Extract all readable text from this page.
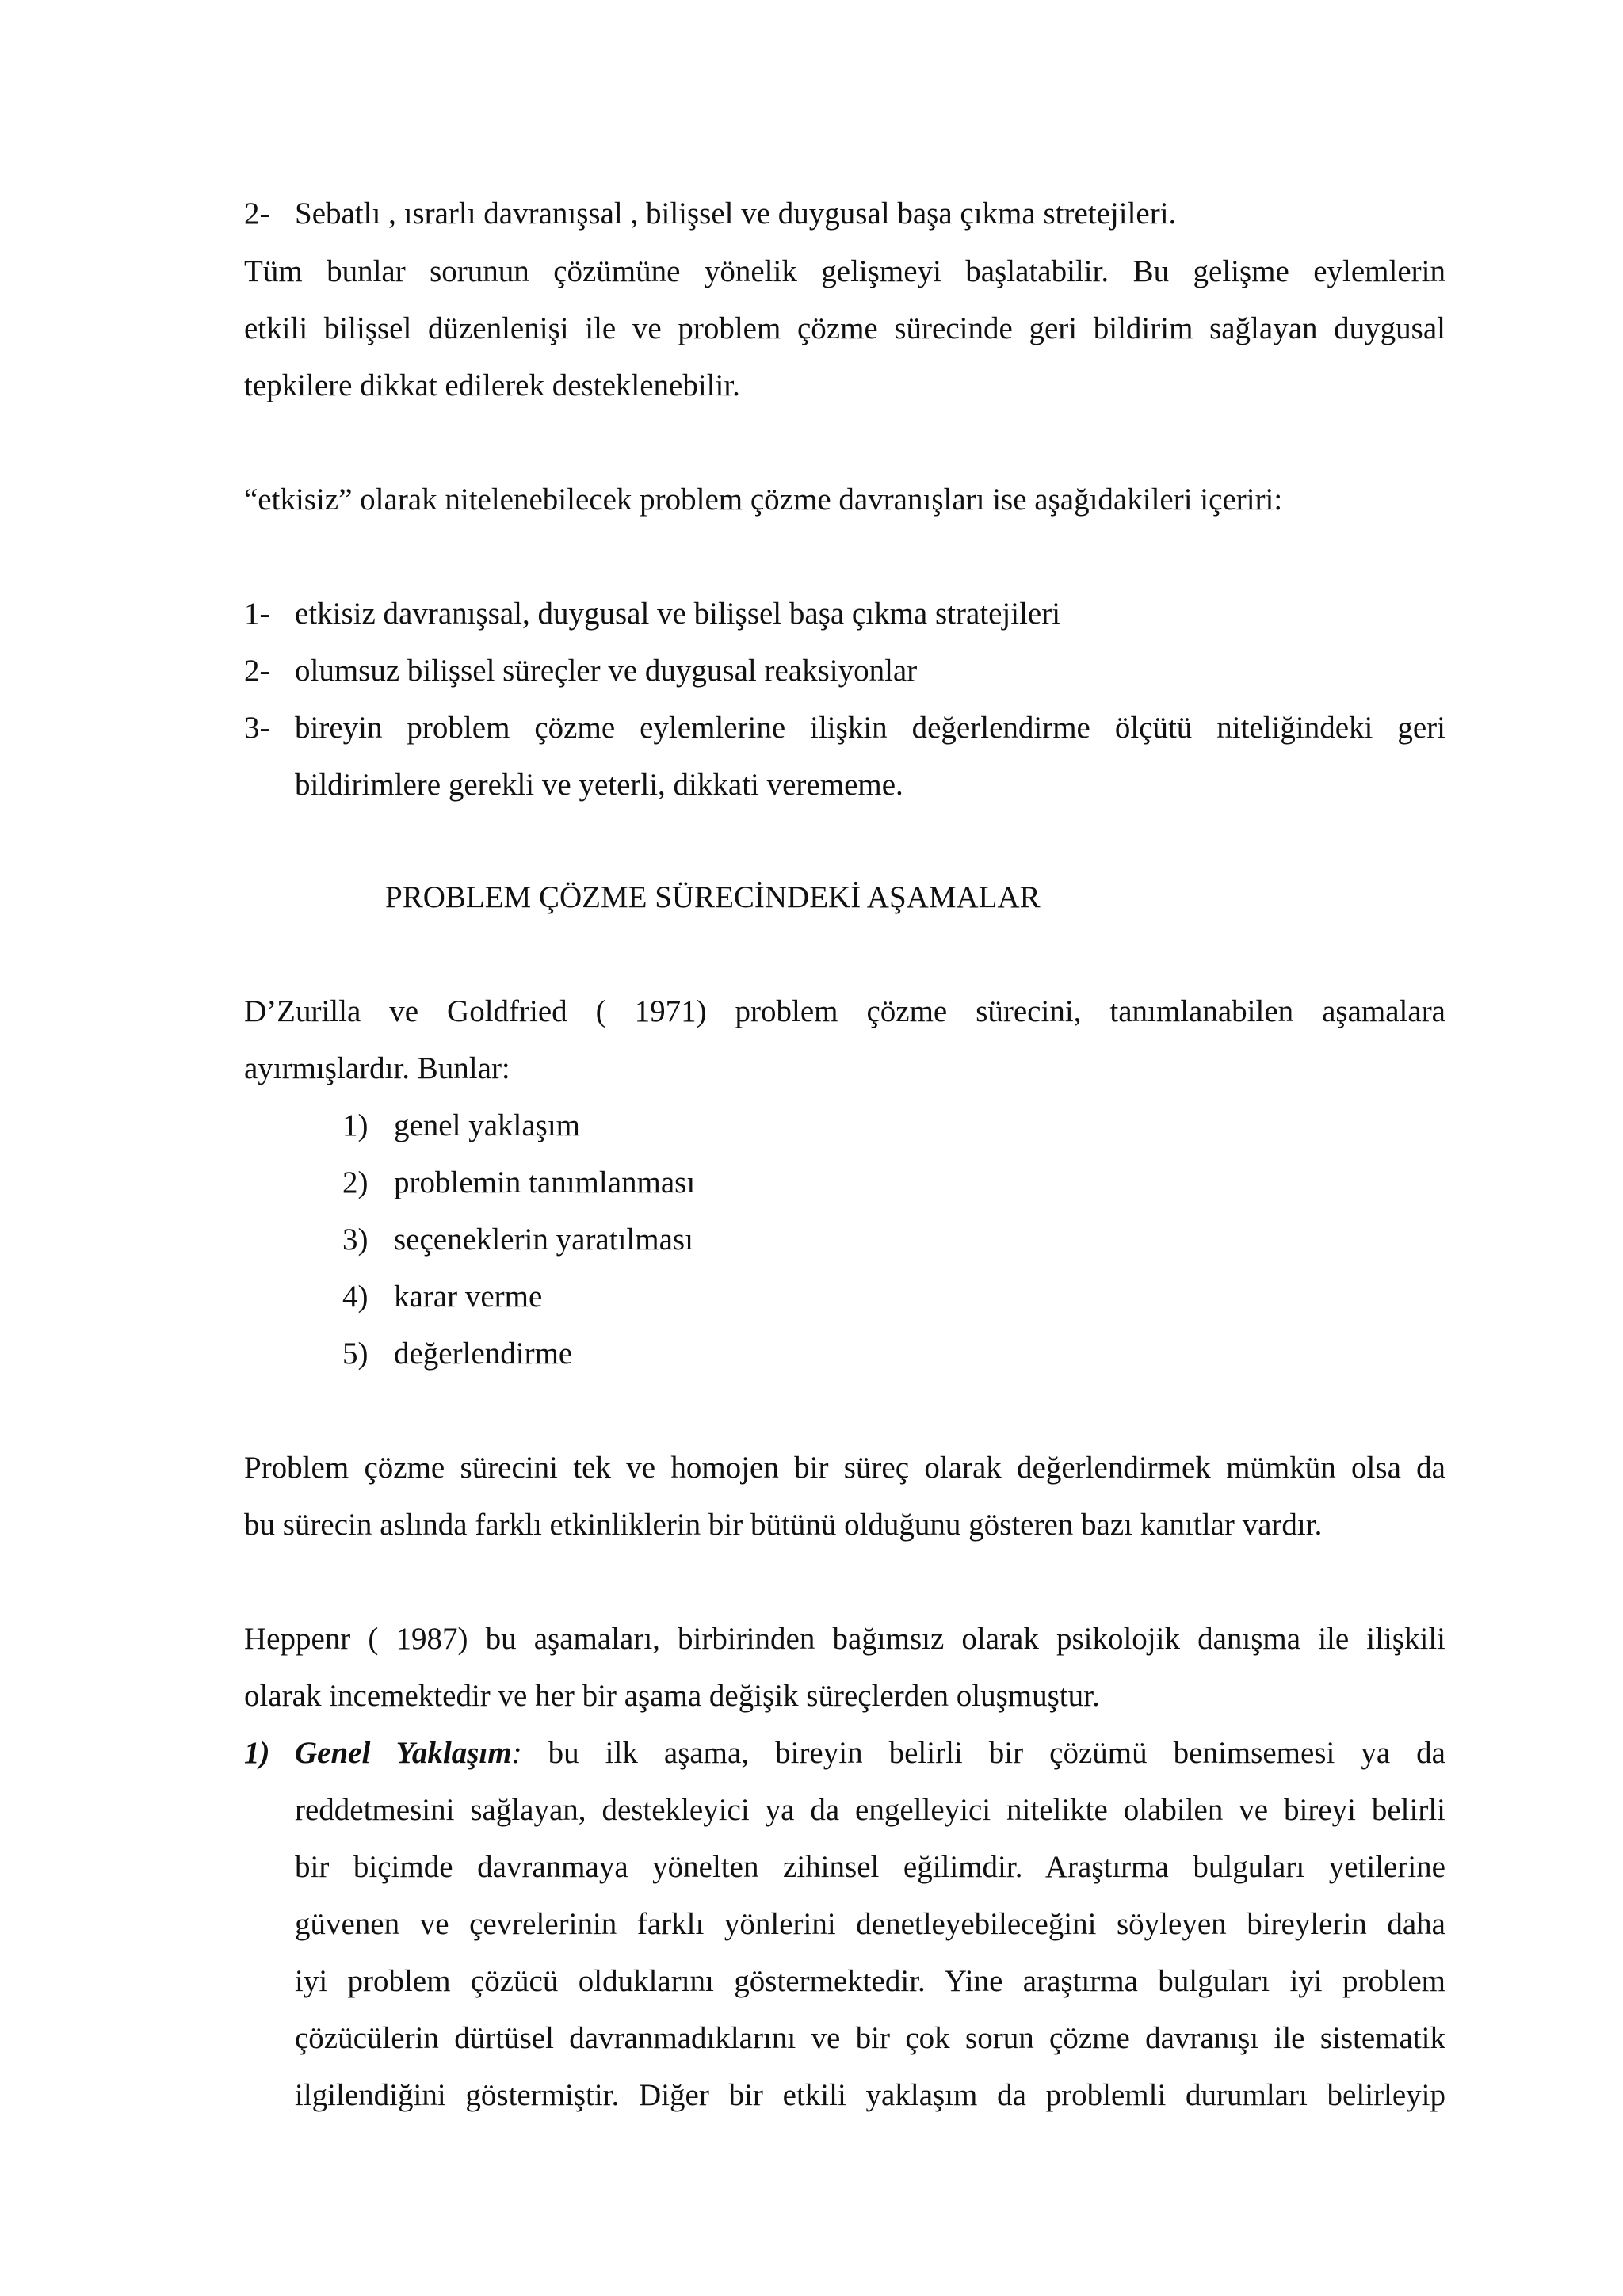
2- Sebatlı , ısrarlı davranışsal , bilişsel ve duygusal başa çıkma stretejileri.
Tüm bunlar sorunun çözümüne yönelik gelişmeyi başlatabilir. Bu gelişme eylemlerin
etkili bilişsel düzenlenişi ile ve problem çözme sürecinde geri bildirim sağlayan duygusal
tepkilere dikkat edilerek desteklenebilir.
“etkisiz” olarak nitelenebilecek problem çözme davranışları ise aşağıdakileri içeriri:
1- etkisiz davranışsal, duygusal ve bilişsel başa çıkma stratejileri
2- olumsuz bilişsel süreçler ve duygusal reaksiyonlar
3- bireyin problem çözme eylemlerine ilişkin değerlendirme ölçütü niteliğindeki geri
bildirimlere gerekli ve yeterli, dikkati verememe.
PROBLEM ÇÖZME SÜRECİNDEKİ AŞAMALAR
D’Zurilla ve Goldfried ( 1971) problem çözme sürecini, tanımlanabilen aşamalara
ayırmışlardır. Bunlar:
1) genel yaklaşım
2) problemin tanımlanması
3) seçeneklerin yaratılması
4) karar verme
5) değerlendirme
Problem çözme sürecini tek ve homojen bir süreç olarak değerlendirmek mümkün olsa da
bu sürecin aslında farklı etkinliklerin bir bütünü olduğunu gösteren bazı kanıtlar vardır.
Heppenr ( 1987) bu aşamaları, birbirinden bağımsız olarak psikolojik danışma ile ilişkili
olarak incemektedir ve her bir aşama değişik süreçlerden oluşmuştur.
1) Genel Yaklaşım: bu ilk aşama, bireyin belirli bir çözümü benimsemesi ya da
reddetmesini sağlayan, destekleyici ya da engelleyici nitelikte olabilen ve bireyi belirli
bir biçimde davranmaya yönelten zihinsel eğilimdir. Araştırma bulguları yetilerine
güvenen ve çevrelerinin farklı yönlerini denetleyebileceğini söyleyen bireylerin daha
iyi problem çözücü olduklarını göstermektedir. Yine araştırma bulguları iyi problem
çözücülerin dürtüsel davranmadıklarını ve bir çok sorun çözme davranışı ile sistematik
ilgilendiğini göstermiştir. Diğer bir etkili yaklaşım da problemli durumları belirleyip
